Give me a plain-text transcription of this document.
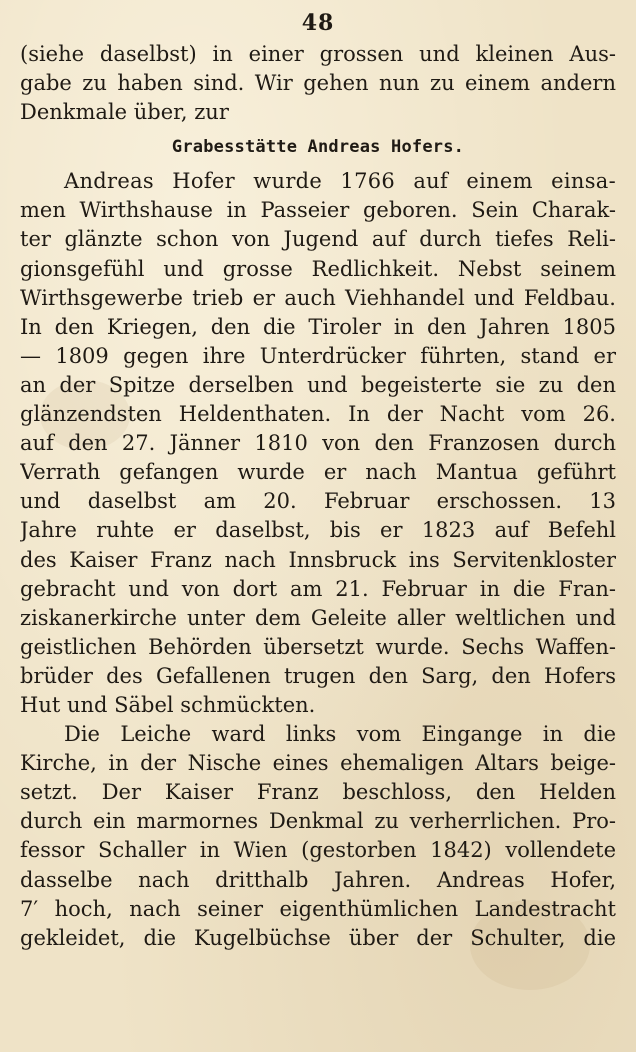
48
(siehe daselbst) in einer grossen und kleinen Aus-
gabe zu haben sind. Wir gehen nun zu einem andern
Denkmale über, zur
Grabesstätte Andreas Hofers.
Andreas Hofer wurde 1766 auf einem einsa-
men Wirthshause in Passeier geboren. Sein Charak-
ter glänzte schon von Jugend auf durch tiefes Reli-
gionsgefühl und grosse Redlichkeit. Nebst seinem
Wirthsgewerbe trieb er auch Viehhandel und Feldbau.
In den Kriegen, den die Tiroler in den Jahren 1805
— 1809 gegen ihre Unterdrücker führten, stand er
an der Spitze derselben und begeisterte sie zu den
glänzendsten Heldenthaten. In der Nacht vom 26.
auf den 27. Jänner 1810 von den Franzosen durch
Verrath gefangen wurde er nach Mantua geführt
und daselbst am 20. Februar erschossen. 13
Jahre ruhte er daselbst, bis er 1823 auf Befehl
des Kaiser Franz nach Innsbruck ins Servitenkloster
gebracht und von dort am 21. Februar in die Fran-
ziskanerkirche unter dem Geleite aller weltlichen und
geistlichen Behörden übersetzt wurde. Sechs Waffen-
brüder des Gefallenen trugen den Sarg, den Hofers
Hut und Säbel schmückten.
Die Leiche ward links vom Eingange in die
Kirche, in der Nische eines ehemaligen Altars beige-
setzt. Der Kaiser Franz beschloss, den Helden
durch ein marmornes Denkmal zu verherrlichen. Pro-
fessor Schaller in Wien (gestorben 1842) vollendete
dasselbe nach dritthalb Jahren. Andreas Hofer,
7′ hoch, nach seiner eigenthümlichen Landestracht
gekleidet, die Kugelbüchse über der Schulter, die
